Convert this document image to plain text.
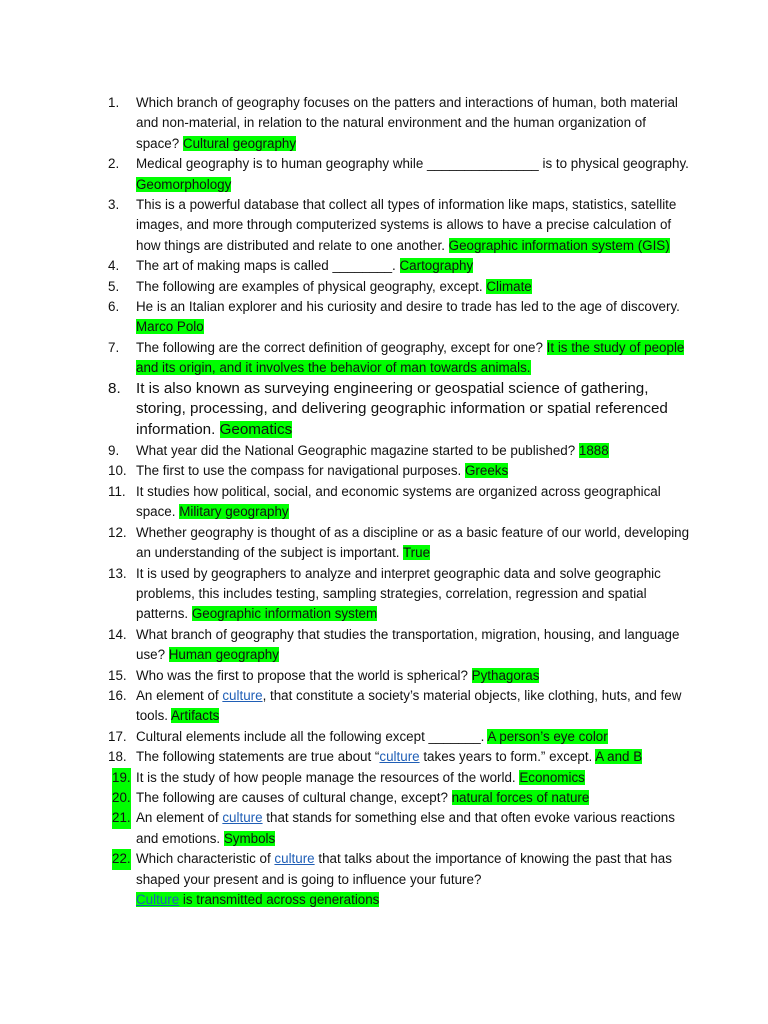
1.	Which branch of geography focuses on the patters and interactions of human, both material and non-material, in relation to the natural environment and the human organization of space? Cultural geography
2.	Medical geography is to human geography while _______________ is to physical geography. Geomorphology
3.	This is a powerful database that collect all types of information like maps, statistics, satellite images, and more through computerized systems is allows to have a precise calculation of how things are distributed and relate to one another. Geographic information system (GIS)
4.	The art of making maps is called ________. Cartography
5.	The following are examples of physical geography, except. Climate
6.	He is an Italian explorer and his curiosity and desire to trade has led to the age of discovery. Marco Polo
7.	The following are the correct definition of geography, except for one? It is the study of people and its origin, and it involves the behavior of man towards animals.
8.	It is also known as surveying engineering or geospatial science of gathering, storing, processing, and delivering geographic information or spatial referenced information. Geomatics
9.	What year did the National Geographic magazine started to be published? 1888
10. The first to use the compass for navigational purposes. Greeks
11. It studies how political, social, and economic systems are organized across geographical space. Military geography
12. Whether geography is thought of as a discipline or as a basic feature of our world, developing an understanding of the subject is important. True
13. It is used by geographers to analyze and interpret geographic data and solve geographic problems, this includes testing, sampling strategies, correlation, regression and spatial patterns. Geographic information system
14. What branch of geography that studies the transportation, migration, housing, and language use? Human geography
15. Who was the first to propose that the world is spherical? Pythagoras
16. An element of culture, that constitute a society’s material objects, like clothing, huts, and few tools. Artifacts
17. Cultural elements include all the following except _______. A person’s eye color
18. The following statements are true about “culture takes years to form.” except. A and B
19. It is the study of how people manage the resources of the world. Economics
20. The following are causes of cultural change, except? natural forces of nature
21. An element of culture that stands for something else and that often evoke various reactions and emotions. Symbols
22. Which characteristic of culture that talks about the importance of knowing the past that has shaped your present and is going to influence your future?
Culture is transmitted across generations
